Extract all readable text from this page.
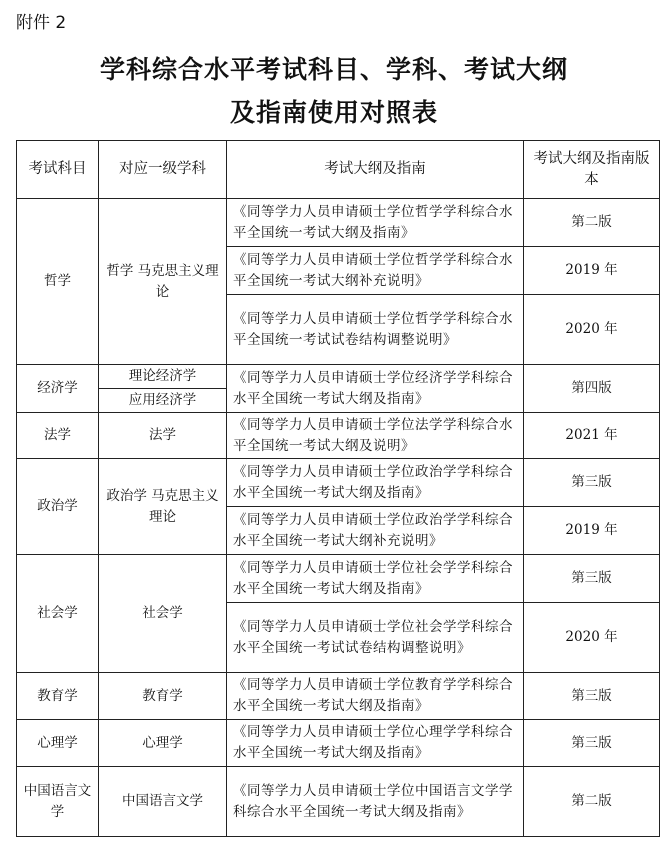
附件 2
学科综合水平考试科目、学科、考试大纲
及指南使用对照表
考试科目	对应一级学科	考试大纲及指南	考试大纲及指南版本
哲学	哲学 马克思主义理论	《同等学力人员申请硕士学位哲学学科综合水平全国统一考试大纲及指南》	第二版
		《同等学力人员申请硕士学位哲学学科综合水平全国统一考试大纲补充说明》	2019 年
		《同等学力人员申请硕士学位哲学学科综合水平全国统一考试试卷结构调整说明》	2020 年
经济学	理论经济学	《同等学力人员申请硕士学位经济学学科综合水平全国统一考试大纲及指南》	第四版
	应用经济学		
法学	法学	《同等学力人员申请硕士学位法学学科综合水平全国统一考试大纲及说明》	2021 年
政治学	政治学 马克思主义理论	《同等学力人员申请硕士学位政治学学科综合水平全国统一考试大纲及指南》	第三版
		《同等学力人员申请硕士学位政治学学科综合水平全国统一考试大纲补充说明》	2019 年
社会学	社会学	《同等学力人员申请硕士学位社会学学科综合水平全国统一考试大纲及指南》	第三版
		《同等学力人员申请硕士学位社会学学科综合水平全国统一考试试卷结构调整说明》	2020 年
教育学	教育学	《同等学力人员申请硕士学位教育学学科综合水平全国统一考试大纲及指南》	第三版
心理学	心理学	《同等学力人员申请硕士学位心理学学科综合水平全国统一考试大纲及指南》	第三版
中国语言文学	中国语言文学	《同等学力人员申请硕士学位中国语言文学学科综合水平全国统一考试大纲及指南》	第二版
